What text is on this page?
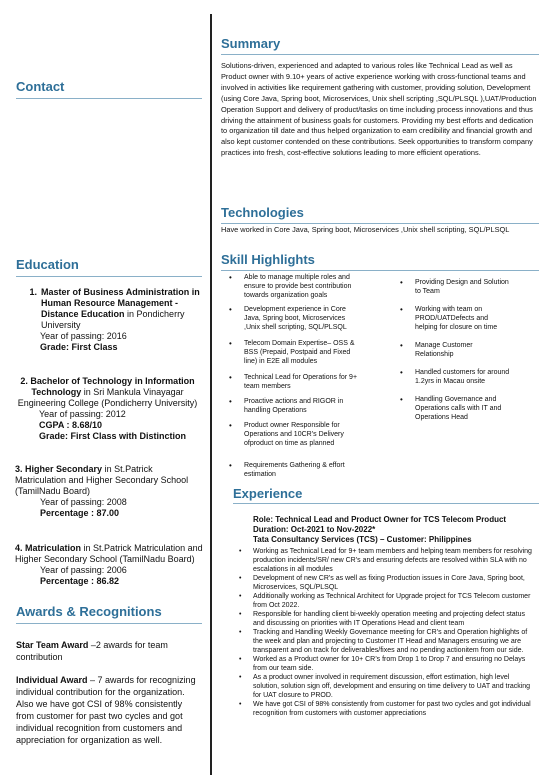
Contact
Education
1. Master of Business Administration in Human Resource Management - Distance Education in Pondicherry University
Year of passing: 2016
Grade: First Class
2. Bachelor of Technology in Information Technology in Sri Mankula Vinayagar Engineering College (Pondicherry University)
Year of passing: 2012
CGPA : 8.68/10
Grade: First Class with Distinction
3. Higher Secondary in St.Patrick Matriculation and Higher Secondary School (TamilNadu Board)
Year of passing: 2008
Percentage : 87.00
4. Matriculation in St.Patrick Matriculation and Higher Secondary School (TamilNadu Board)
Year of passing: 2006
Percentage : 86.82
Awards & Recognitions
Star Team Award –2 awards for team contribution
Individual Award – 7 awards for recognizing individual contribution for the organization. Also we have got CSI of 98% consistently from customer for past two cycles and got individual recognition from customers and appreciation for organization as well.
Summary
Solutions-driven, experienced and adapted to various roles like Technical Lead as well as Product owner with 9.10+ years of active experience working with cross-functional teams and involved in activities like requirement gathering with customer, providing solution, Development (using Core Java, Spring boot, Microservices, Unix shell scripting ,SQL/PLSQL ),UAT/Production Operation Support and delivery of product/tasks on time including process innovations and thus driving the attainment of business goals for customers. Providing my best efforts and dedication to organization till date and thus helped organization to earn credibility and financial growth and also kept customer contended on these contributions. Seek opportunities to transform company practices into fresh, cost-effective solutions leading to more efficient operations.
Technologies
Have worked in Core Java, Spring boot, Microservices ,Unix shell scripting, SQL/PLSQL
Skill Highlights
• Able to manage multiple roles and ensure to provide best contribution towards organization goals
• Development experience in Core Java, Spring boot, Microservices ,Unix shell scripting, SQL/PLSQL
• Telecom Domain Expertise– OSS & BSS (Prepaid, Postpaid and Fixed line) in E2E all modules
• Technical Lead for Operations for 9+ team members
• Proactive actions and RIGOR in handling Operations
• Product owner Responsible for Operations and 10CR’s Delivery ofproduct on time as planned
• Requirements Gathering & effort estimation
• Providing Design and Solution to Team
• Working with team on PROD/UATDefects and helping for closure on time
• Manage Customer Relationship
• Handled customers for around 1.2yrs in Macau onsite
• Handling Governance and Operations calls with IT and Operations Head
Experience
Role: Technical Lead and Product Owner for TCS Telecom Product
Duration: Oct-2021 to Nov-2022*
Tata Consultancy Services (TCS) – Customer: Philippines
• Working as Technical Lead for 9+ team members and helping team members for resolving production incidents/SR/ new CR’s and ensuring defects are resolved within SLA with no escalations in all modules
• Development of new CR’s as well as fixing Production issues in Core Java, Spring boot, Microservices, SQL/PLSQL
• Additionally working as Technical Architect for Upgrade project for TCS Telecom customer from Oct 2022.
• Responsible for handling client bi-weekly operation meeting and projecting defect status and discussing on priorities with IT Operations Head and client team
• Tracking and Handling Weekly Governance meeting for CR’s and Operation highlights of the week and plan and projecting to Customer IT Head and Managers ensuring we are transparent and on track for deliverables/fixes and no pending actionitem from our side.
• Worked as a Product owner for 10+ CR’s from Drop 1 to Drop 7 and ensuring no Delays from our team side.
• As a product owner involved in requirement discussion, effort estimation, high level solution, solution sign off, development and ensuring on time delivery to UAT and tracking for UAT closure to PROD.
• We have got CSI of 98% consistently from customer for past two cycles and got individual recognition from customers with customer appreciations
